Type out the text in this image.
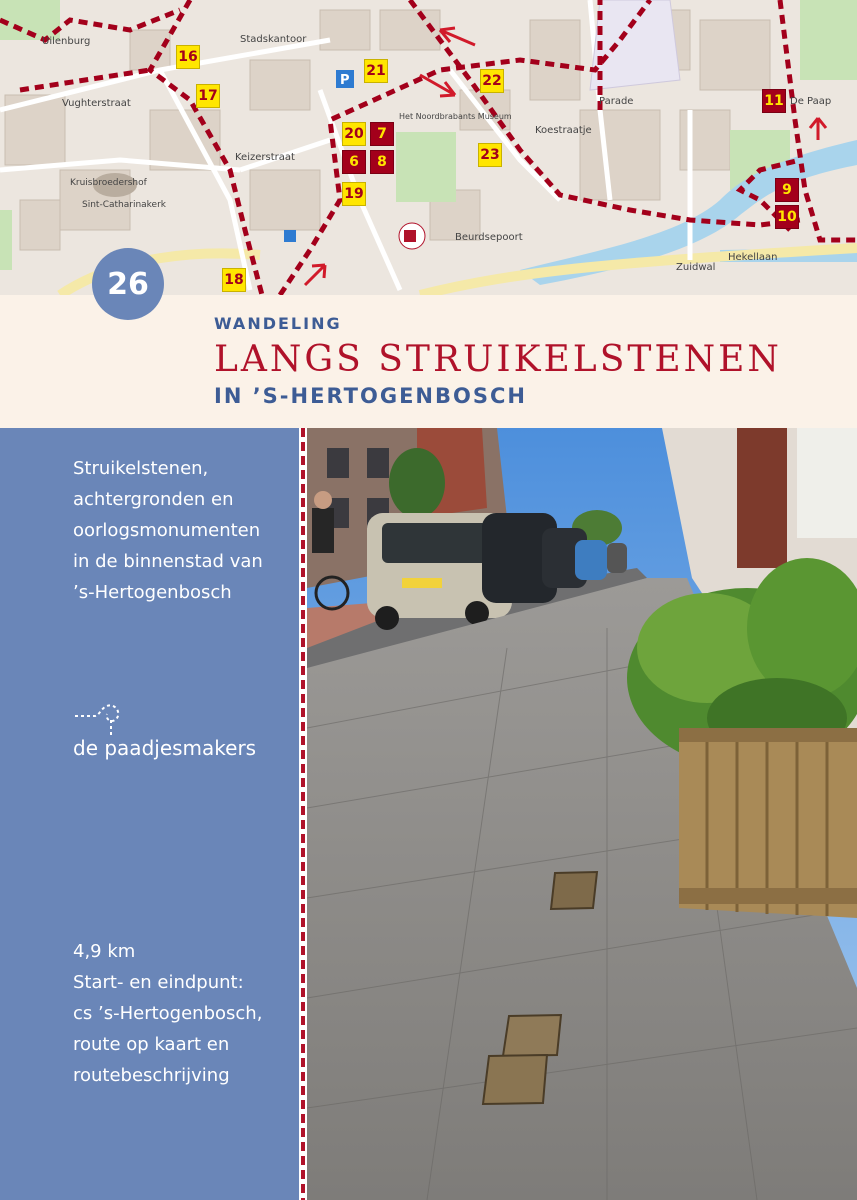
P
Uilenburg
Vughterstraat
Stadskantoor
Parade
Het Noordbrabants Museum
Keizerstraat
Kruisbroedershof
Sint-Catharinakerk
Koestraatje
Hekellaan
Zuidwal
De Paap
Beurdsepoort
16
17
21
22
20 7
6	8
19
23
11
9
10
18
26
WANDELING
LANGS STRUIKELSTENEN
IN ’S-HERTOGENBOSCH
Struikelstenen,
achtergronden en
oorlogsmonumenten
in de binnenstad van
’s-Hertogenbosch
de paadjesmakers
4,9 km
Start- en eindpunt:
cs ’s-Hertogenbosch,
route op kaart en
routebeschrijving
